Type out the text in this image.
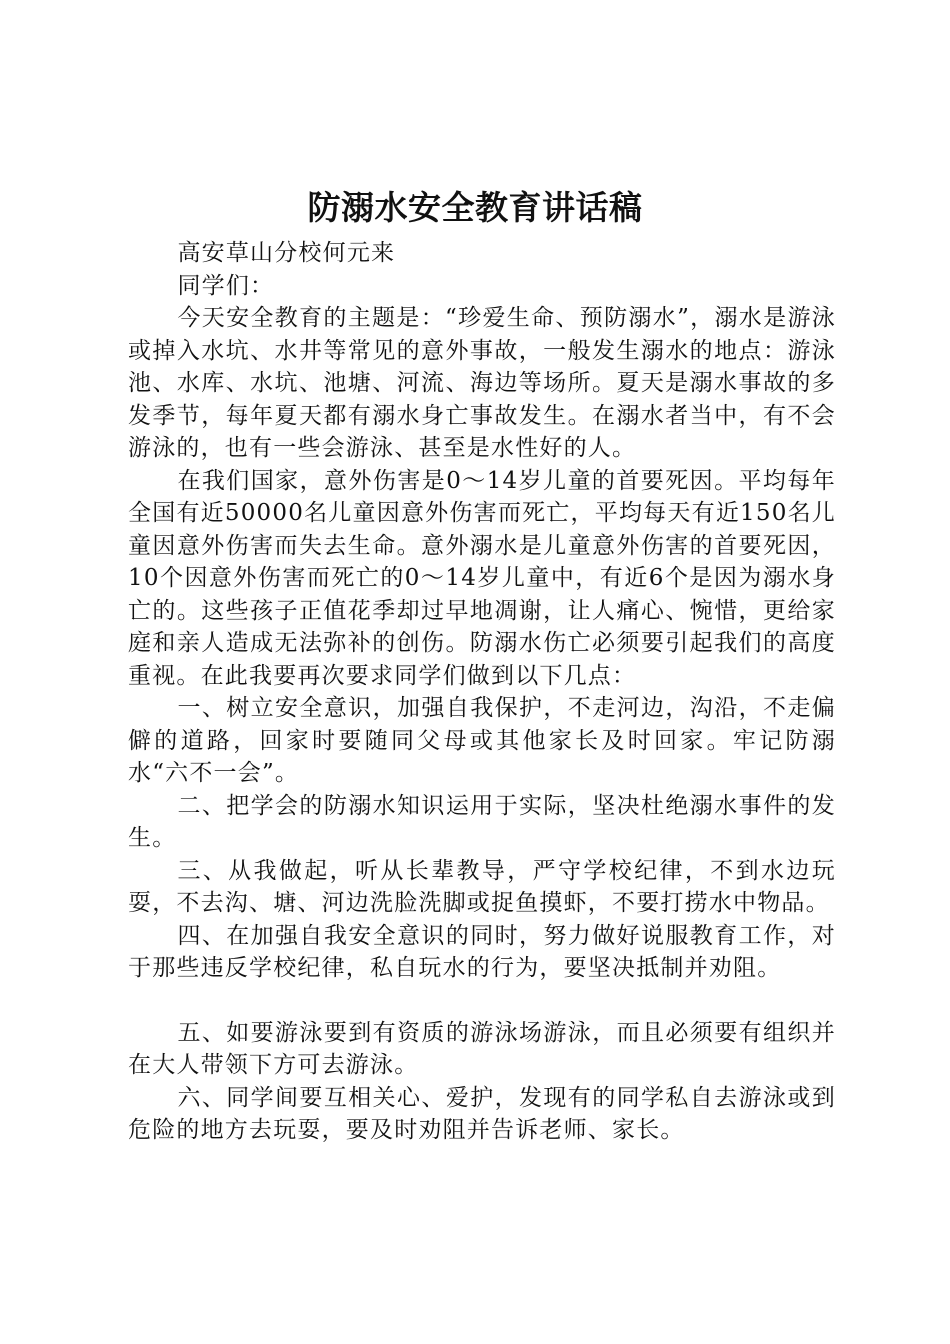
防溺水安全教育讲话稿

高安草山分校何元来

同学们：

今天安全教育的主题是：“珍爱生命、预防溺水”，溺水是游泳或掉入水坑、水井等常见的意外事故，一般发生溺水的地点：游泳池、水库、水坑、池塘、河流、海边等场所。夏天是溺水事故的多发季节，每年夏天都有溺水身亡事故发生。在溺水者当中，有不会游泳的，也有一些会游泳、甚至是水性好的人。

在我们国家，意外伤害是0～14岁儿童的首要死因。平均每年全国有近50000名儿童因意外伤害而死亡，平均每天有近150名儿童因意外伤害而失去生命。意外溺水是儿童意外伤害的首要死因，10个因意外伤害而死亡的0～14岁儿童中，有近6个是因为溺水身亡的。这些孩子正值花季却过早地凋谢，让人痛心、惋惜，更给家庭和亲人造成无法弥补的创伤。防溺水伤亡必须要引起我们的高度重视。在此我要再次要求同学们做到以下几点：

一、树立安全意识，加强自我保护，不走河边，沟沿，不走偏僻的道路，回家时要随同父母或其他家长及时回家。牢记防溺水“六不一会”。

二、把学会的防溺水知识运用于实际，坚决杜绝溺水事件的发生。

三、从我做起，听从长辈教导，严守学校纪律，不到水边玩耍，不去沟、塘、河边洗脸洗脚或捉鱼摸虾，不要打捞水中物品。

四、在加强自我安全意识的同时，努力做好说服教育工作，对于那些违反学校纪律，私自玩水的行为，要坚决抵制并劝阻。

五、如要游泳要到有资质的游泳场游泳，而且必须要有组织并在大人带领下方可去游泳。

六、同学间要互相关心、爱护，发现有的同学私自去游泳或到危险的地方去玩耍，要及时劝阻并告诉老师、家长。
